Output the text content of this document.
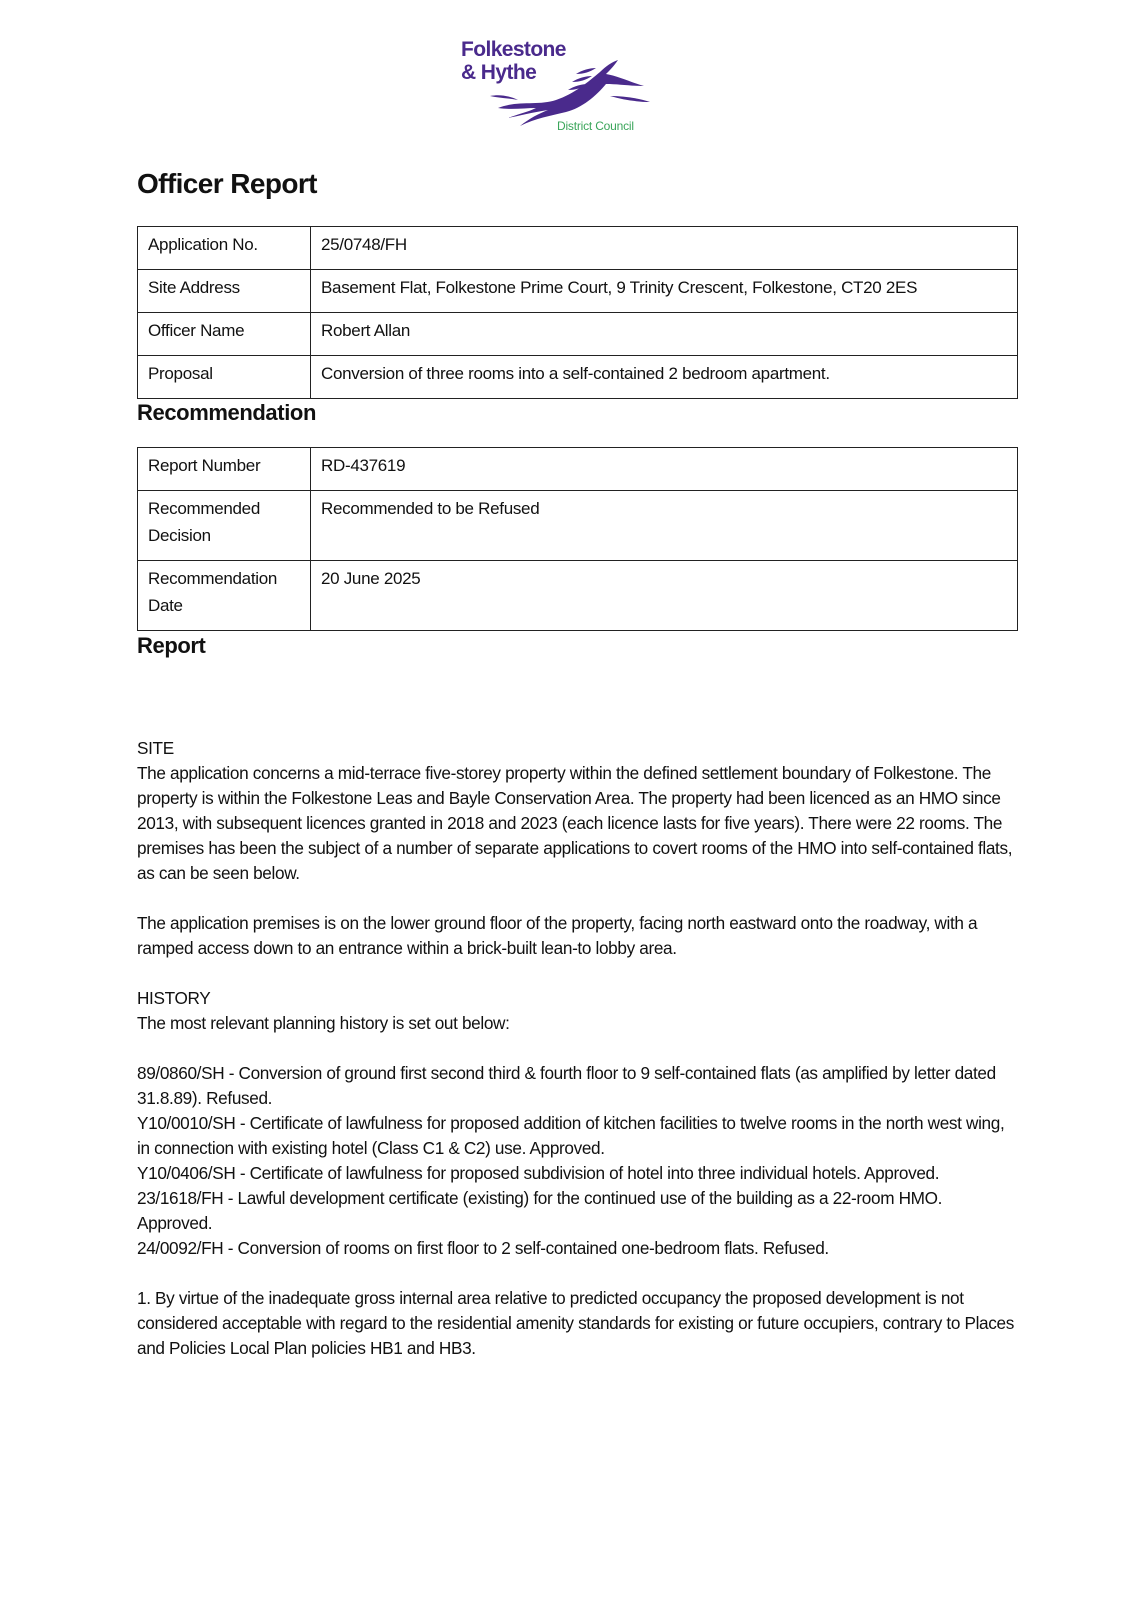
Folkestone
& Hythe
District Council
Officer Report
Application No.	25/0748/FH
Site Address	Basement Flat, Folkestone Prime Court, 9 Trinity Crescent, Folkestone, CT20 2ES
Officer Name	Robert Allan
Proposal	Conversion of three rooms into a self-contained 2 bedroom apartment.
Recommendation
Report Number	RD-437619
Recommended Decision	Recommended to be Refused
Recommendation Date	20 June 2025
Report

SITE

The application concerns a mid-terrace five-storey property within the defined settlement boundary of Folkestone. The property is within the Folkestone Leas and Bayle Conservation Area. The property had been licenced as an HMO since 2013, with subsequent licences granted in 2018 and 2023 (each licence lasts for five years). There were 22 rooms. The premises has been the subject of a number of separate applications to covert rooms of the HMO into self-contained flats, as can be seen below.

The application premises is on the lower ground floor of the property, facing north eastward onto the roadway, with a ramped access down to an entrance within a brick-built lean-to lobby area.

HISTORY

The most relevant planning history is set out below:

89/0860/SH - Conversion of ground first second third & fourth floor to 9 self-contained flats (as amplified by letter dated 31.8.89). Refused.

Y10/0010/SH - Certificate of lawfulness for proposed addition of kitchen facilities to twelve rooms in the north west wing, in connection with existing hotel (Class C1 & C2) use. Approved.

Y10/0406/SH - Certificate of lawfulness for proposed subdivision of hotel into three individual hotels. Approved.

23/1618/FH - Lawful development certificate (existing) for the continued use of the building as a 22-room HMO. Approved.

24/0092/FH - Conversion of rooms on first floor to 2 self-contained one-bedroom flats. Refused.

1. By virtue of the inadequate gross internal area relative to predicted occupancy the proposed development is not considered acceptable with regard to the residential amenity standards for existing or future occupiers, contrary to Places and Policies Local Plan policies HB1 and HB3.
